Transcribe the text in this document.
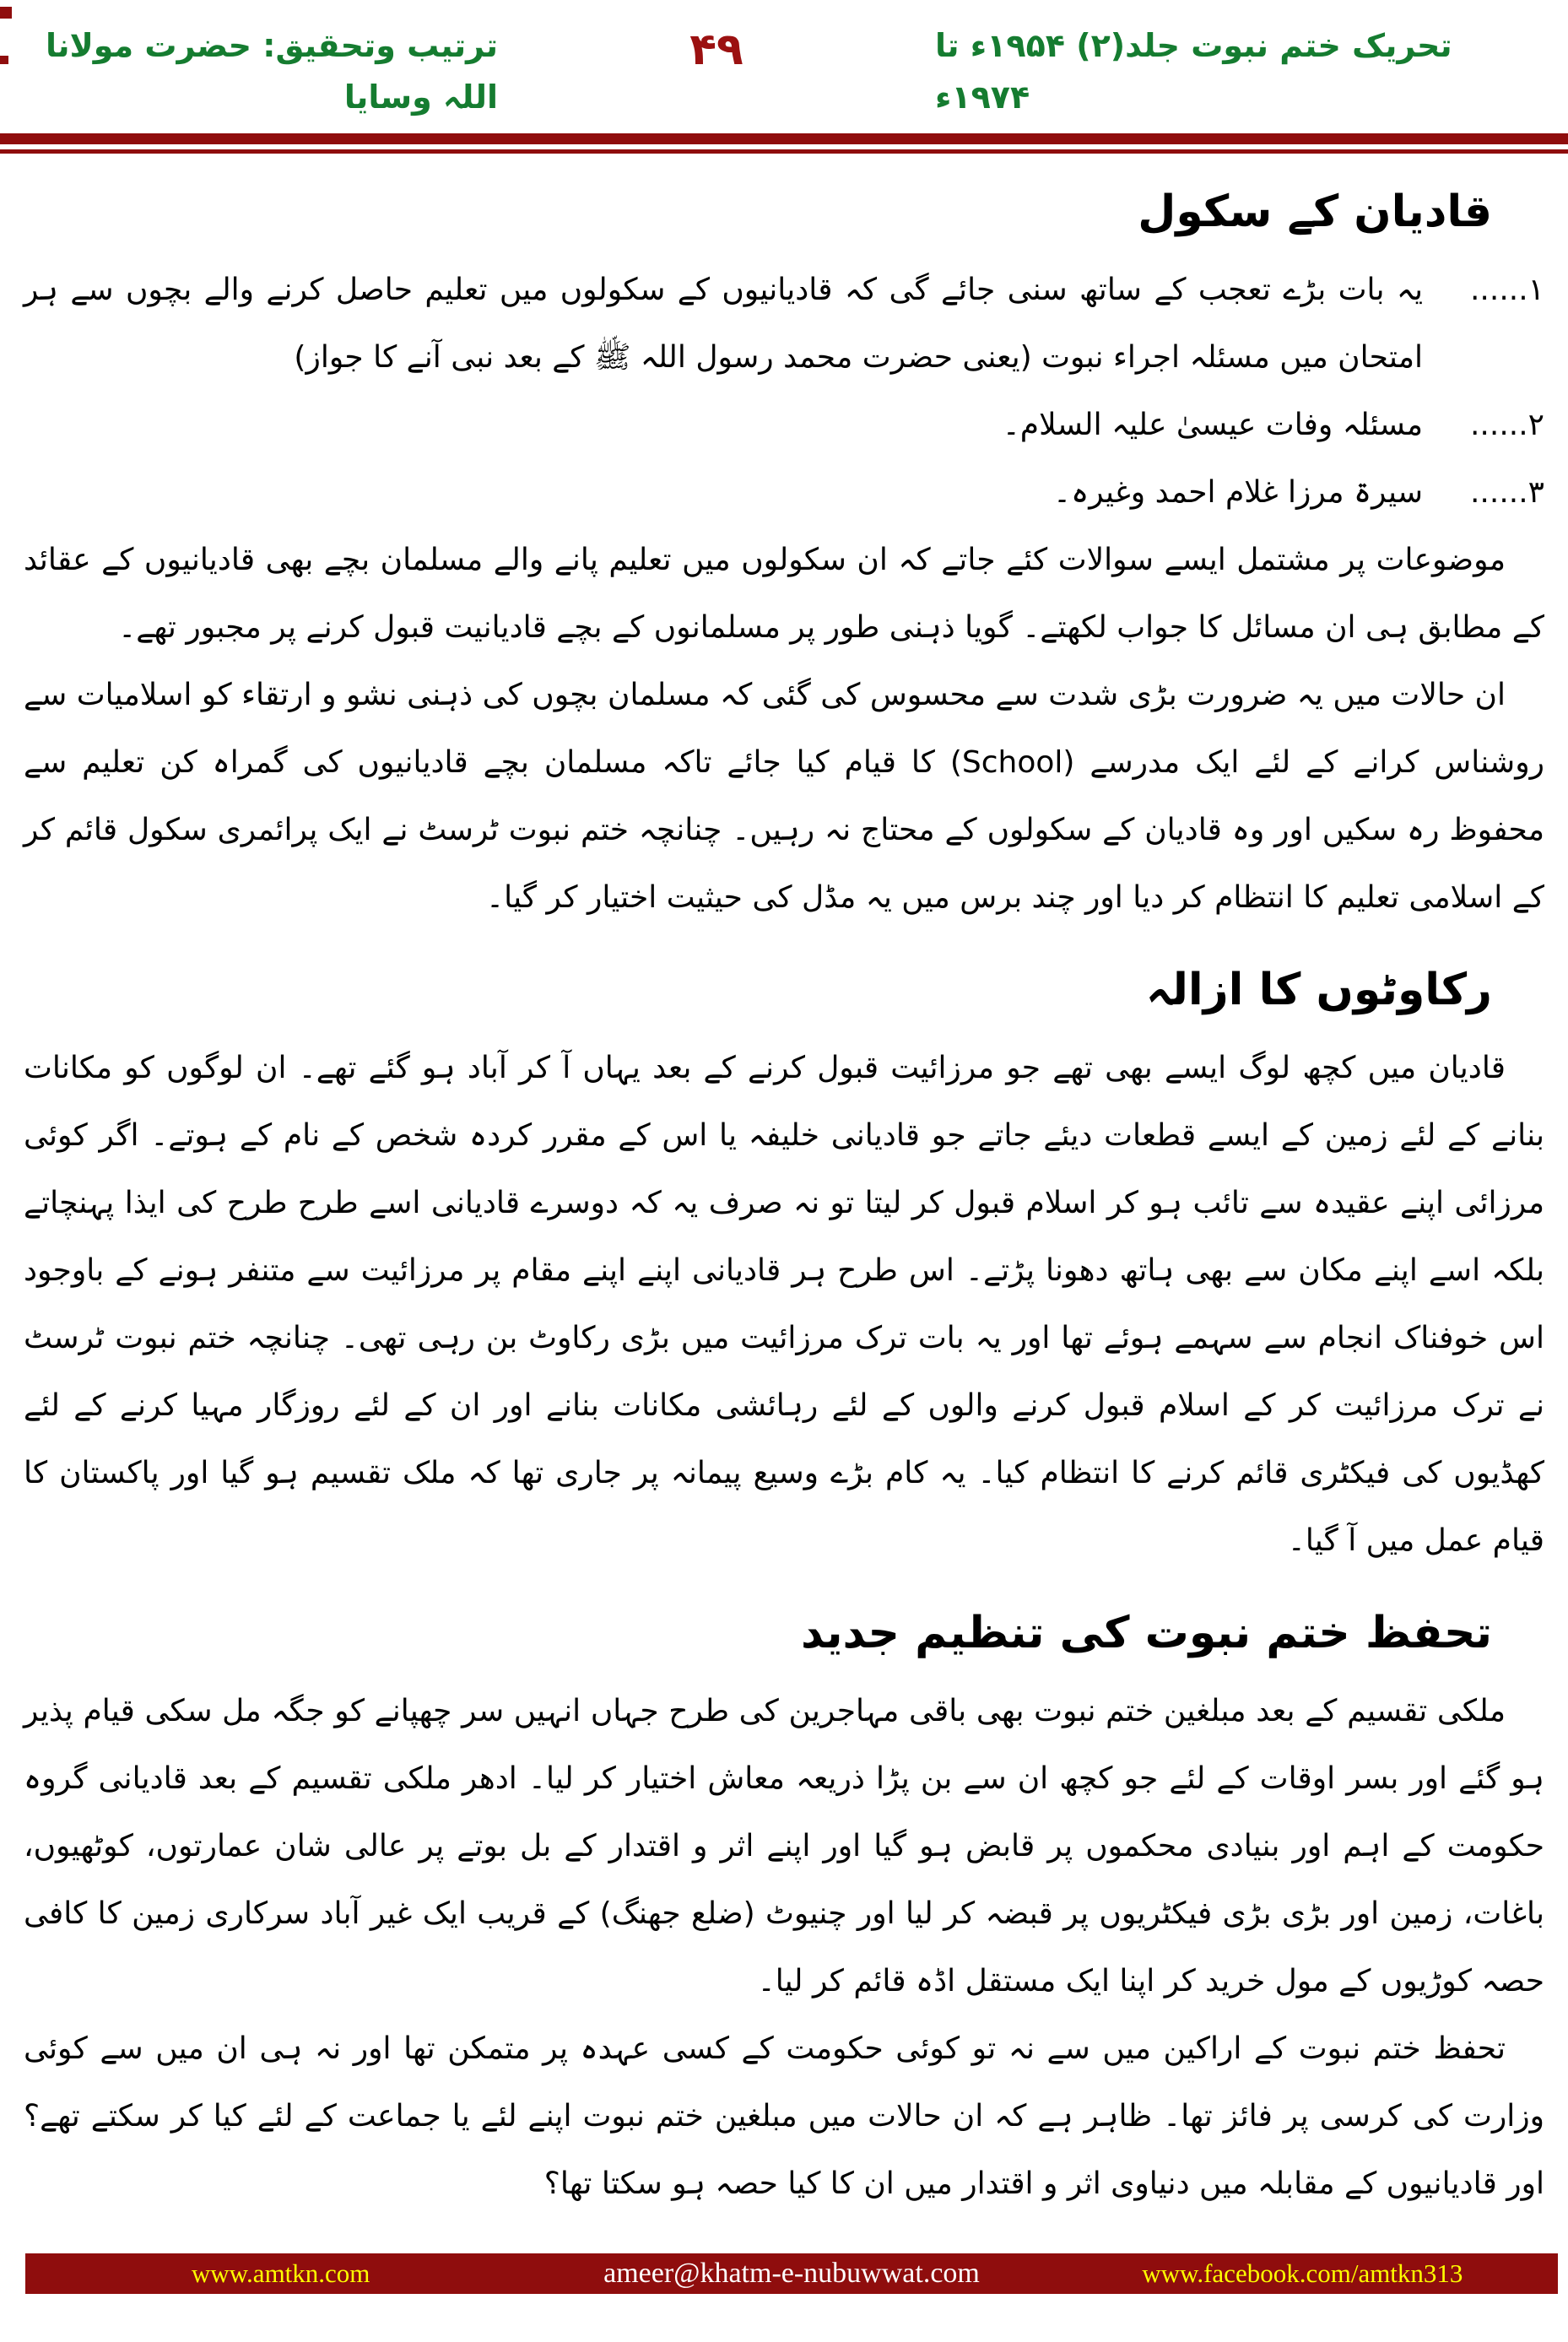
ترتیب وتحقیق: حضرت مولانا اللہ وسایا
۴۹	تحریک ختم نبوت جلد(۲) ۱۹۵۴ء تا ۱۹۷۴ء
قادیان کے سکول
۱......
یہ بات بڑے تعجب کے ساتھ سنی جائے گی کہ قادیانیوں کے سکولوں میں تعلیم حاصل کرنے والے بچوں سے ہر امتحان میں مسئلہ اجراء نبوت (یعنی حضرت محمد رسول اللہ ﷺ کے بعد نبی آنے کا جواز)
۲......
مسئلہ وفات عیسیٰ علیہ السلام۔
۳......
سیرۃ مرزا غلام احمد وغیرہ۔

موضوعات پر مشتمل ایسے سوالات کئے جاتے کہ ان سکولوں میں تعلیم پانے والے مسلمان بچے بھی قادیانیوں کے عقائد کے مطابق ہی ان مسائل کا جواب لکھتے۔ گویا ذہنی طور پر مسلمانوں کے بچے قادیانیت قبول کرنے پر مجبور تھے۔

ان حالات میں یہ ضرورت بڑی شدت سے محسوس کی گئی کہ مسلمان بچوں کی ذہنی نشو و ارتقاء کو اسلامیات سے روشناس کرانے کے لئے ایک مدرسے (School) کا قیام کیا جائے تاکہ مسلمان بچے قادیانیوں کی گمراہ کن تعلیم سے محفوظ رہ سکیں اور وہ قادیان کے سکولوں کے محتاج نہ رہیں۔ چنانچہ ختم نبوت ٹرسٹ نے ایک پرائمری سکول قائم کر کے اسلامی تعلیم کا انتظام کر دیا اور چند برس میں یہ مڈل کی حیثیت اختیار کر گیا۔

رکاوٹوں کا ازالہ

قادیان میں کچھ لوگ ایسے بھی تھے جو مرزائیت قبول کرنے کے بعد یہاں آ کر آباد ہو گئے تھے۔ ان لوگوں کو مکانات بنانے کے لئے زمین کے ایسے قطعات دیئے جاتے جو قادیانی خلیفہ یا اس کے مقرر کردہ شخص کے نام کے ہوتے۔ اگر کوئی مرزائی اپنے عقیدہ سے تائب ہو کر اسلام قبول کر لیتا تو نہ صرف یہ کہ دوسرے قادیانی اسے طرح طرح کی ایذا پہنچاتے بلکہ اسے اپنے مکان سے بھی ہاتھ دھونا پڑتے۔ اس طرح ہر قادیانی اپنے اپنے مقام پر مرزائیت سے متنفر ہونے کے باوجود اس خوفناک انجام سے سہمے ہوئے تھا اور یہ بات ترک مرزائیت میں بڑی رکاوٹ بن رہی تھی۔ چنانچہ ختم نبوت ٹرسٹ نے ترک مرزائیت کر کے اسلام قبول کرنے والوں کے لئے رہائشی مکانات بنانے اور ان کے لئے روزگار مہیا کرنے کے لئے کھڈیوں کی فیکٹری قائم کرنے کا انتظام کیا۔ یہ کام بڑے وسیع پیمانہ پر جاری تھا کہ ملک تقسیم ہو گیا اور پاکستان کا قیام عمل میں آ گیا۔

تحفظ ختم نبوت کی تنظیم جدید

ملکی تقسیم کے بعد مبلغین ختم نبوت بھی باقی مہاجرین کی طرح جہاں انہیں سر چھپانے کو جگہ مل سکی قیام پذیر ہو گئے اور بسر اوقات کے لئے جو کچھ ان سے بن پڑا ذریعہ معاش اختیار کر لیا۔ ادھر ملکی تقسیم کے بعد قادیانی گروہ حکومت کے اہم اور بنیادی محکموں پر قابض ہو گیا اور اپنے اثر و اقتدار کے بل بوتے پر عالی شان عمارتوں، کوٹھیوں، باغات، زمین اور بڑی بڑی فیکٹریوں پر قبضہ کر لیا اور چنیوٹ (ضلع جھنگ) کے قریب ایک غیر آباد سرکاری زمین کا کافی حصہ کوڑیوں کے مول خرید کر اپنا ایک مستقل اڈہ قائم کر لیا۔

تحفظ ختم نبوت کے اراکین میں سے نہ تو کوئی حکومت کے کسی عہدہ پر متمکن تھا اور نہ ہی ان میں سے کوئی وزارت کی کرسی پر فائز تھا۔ ظاہر ہے کہ ان حالات میں مبلغین ختم نبوت اپنے لئے یا جماعت کے لئے کیا کر سکتے تھے؟ اور قادیانیوں کے مقابلہ میں دنیاوی اثر و اقتدار میں ان کا کیا حصہ ہو سکتا تھا؟

www.amtkn.com	ameer@khatm-e-nubuwwat.com	www.facebook.com/amtkn313
